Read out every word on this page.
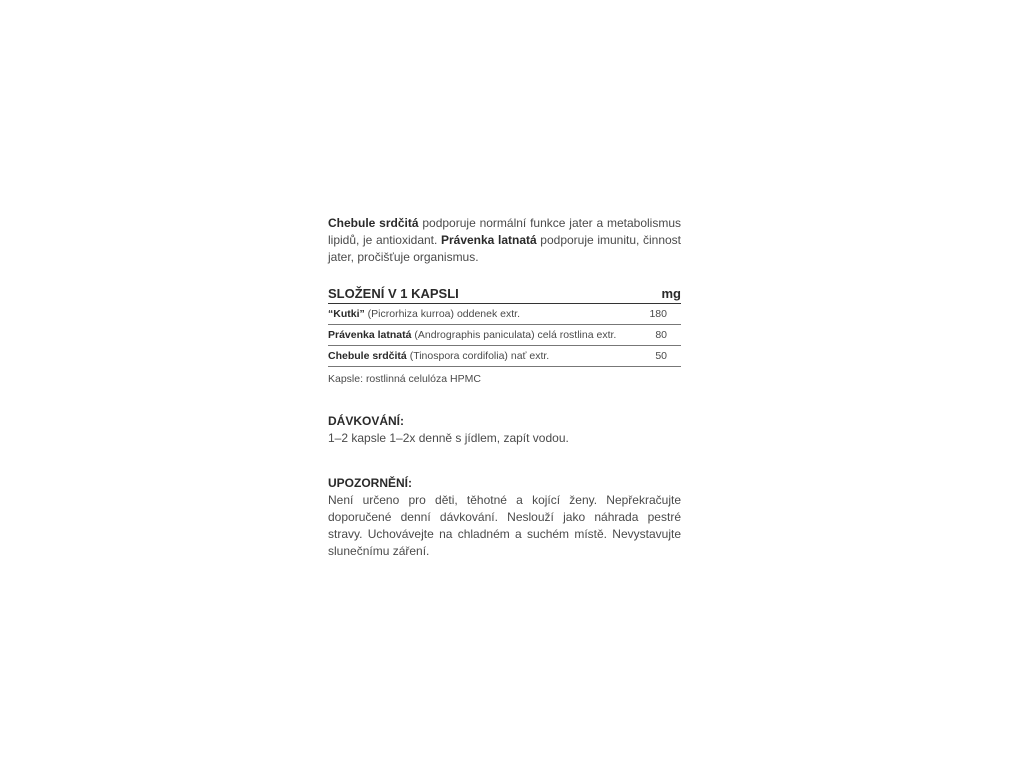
Chebule srdčitá podporuje normální funkce jater a metabolismus lipidů, je antioxidant. Právenka latnatá podporuje imunitu, činnost jater, pročišťuje organismus.

SLOŽENÍ V 1 KAPSLI	mg
“Kutki” (Picrorhiza kurroa) oddenek extr.	180
Právenka latnatá (Andrographis paniculata) celá rostlina extr.	80
Chebule srdčitá (Tinospora cordifolia) nať extr.	50
Kapsle: rostlinná celulóza HPMC
DÁVKOVÁNÍ:

1–2 kapsle 1–2x denně s jídlem, zapít vodou.

UPOZORNĚNÍ:

Není určeno pro děti, těhotné a kojící ženy. Nepřekračujte doporučené denní dávkování. Neslouží jako náhrada pestré stravy. Uchovávejte na chladném a suchém místě. Nevystavujte slunečnímu záření.
